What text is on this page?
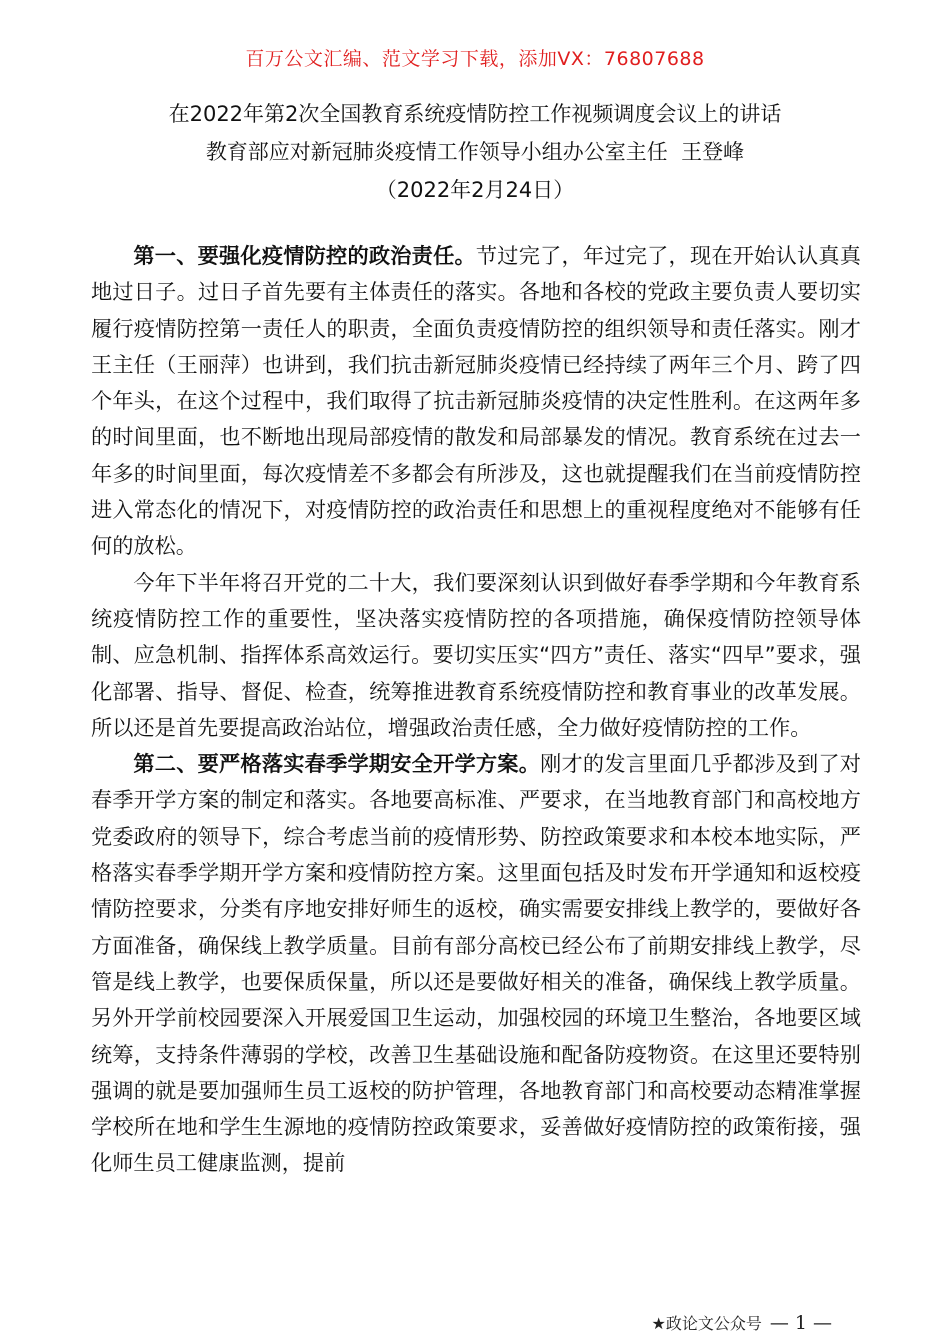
百万公文汇编、范文学习下载，添加VX：76807688
在2022年第2次全国教育系统疫情防控工作视频调度会议上的讲话
教育部应对新冠肺炎疫情工作领导小组办公室主任  王登峰
（2022年2月24日）

第一、要强化疫情防控的政治责任。节过完了，年过完了，现在开始认认真真地过日子。过日子首先要有主体责任的落实。各地和各校的党政主要负责人要切实履行疫情防控第一责任人的职责，全面负责疫情防控的组织领导和责任落实。刚才王主任（王丽萍）也讲到，我们抗击新冠肺炎疫情已经持续了两年三个月、跨了四个年头，在这个过程中，我们取得了抗击新冠肺炎疫情的决定性胜利。在这两年多的时间里面，也不断地出现局部疫情的散发和局部暴发的情况。教育系统在过去一年多的时间里面，每次疫情差不多都会有所涉及，这也就提醒我们在当前疫情防控进入常态化的情况下，对疫情防控的政治责任和思想上的重视程度绝对不能够有任何的放松。

今年下半年将召开党的二十大，我们要深刻认识到做好春季学期和今年教育系统疫情防控工作的重要性，坚决落实疫情防控的各项措施，确保疫情防控领导体制、应急机制、指挥体系高效运行。要切实压实“四方”责任、落实“四早”要求，强化部署、指导、督促、检查，统筹推进教育系统疫情防控和教育事业的改革发展。所以还是首先要提高政治站位，增强政治责任感，全力做好疫情防控的工作。

第二、要严格落实春季学期安全开学方案。刚才的发言里面几乎都涉及到了对春季开学方案的制定和落实。各地要高标准、严要求，在当地教育部门和高校地方党委政府的领导下，综合考虑当前的疫情形势、防控政策要求和本校本地实际，严格落实春季学期开学方案和疫情防控方案。这里面包括及时发布开学通知和返校疫情防控要求，分类有序地安排好师生的返校，确实需要安排线上教学的，要做好各方面准备，确保线上教学质量。目前有部分高校已经公布了前期安排线上教学，尽管是线上教学，也要保质保量，所以还是要做好相关的准备，确保线上教学质量。另外开学前校园要深入开展爱国卫生运动，加强校园的环境卫生整治，各地要区域统筹，支持条件薄弱的学校，改善卫生基础设施和配备防疫物资。在这里还要特别强调的就是要加强师生员工返校的防护管理，各地教育部门和高校要动态精准掌握学校所在地和学生生源地的疫情防控政策要求，妥善做好疫情防控的政策衔接，强化师生员工健康监测，提前

★政论文公众号 — 1 —
